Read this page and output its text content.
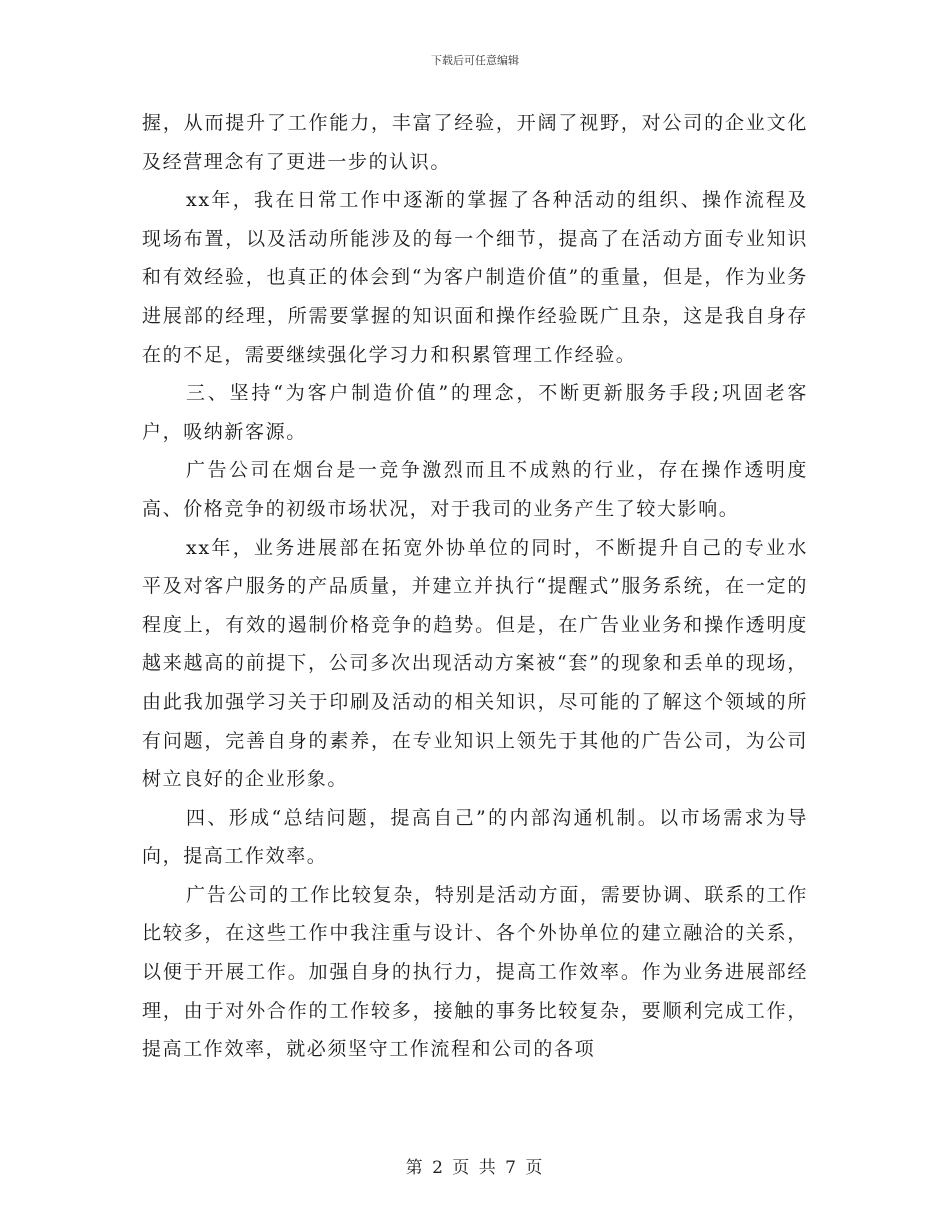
下载后可任意编辑

握，从而提升了工作能力，丰富了经验，开阔了视野，对公司的企业文化及经营理念有了更进一步的认识。

xx年，我在日常工作中逐渐的掌握了各种活动的组织、操作流程及现场布置，以及活动所能涉及的每一个细节，提高了在活动方面专业知识和有效经验，也真正的体会到“为客户制造价值”的重量，但是，作为业务进展部的经理，所需要掌握的知识面和操作经验既广且杂，这是我自身存在的不足，需要继续强化学习力和积累管理工作经验。

三、坚持“为客户制造价值”的理念，不断更新服务手段;巩固老客户，吸纳新客源。

广告公司在烟台是一竞争激烈而且不成熟的行业，存在操作透明度高、价格竞争的初级市场状况，对于我司的业务产生了较大影响。

xx年，业务进展部在拓宽外协单位的同时，不断提升自己的专业水平及对客户服务的产品质量，并建立并执行“提醒式”服务系统，在一定的程度上，有效的遏制价格竞争的趋势。但是，在广告业业务和操作透明度越来越高的前提下，公司多次出现活动方案被“套”的现象和丢单的现场，由此我加强学习关于印刷及活动的相关知识，尽可能的了解这个领域的所有问题，完善自身的素养，在专业知识上领先于其他的广告公司，为公司树立良好的企业形象。

四、形成“总结问题，提高自己”的内部沟通机制。以市场需求为导向，提高工作效率。

广告公司的工作比较复杂，特别是活动方面，需要协调、联系的工作比较多，在这些工作中我注重与设计、各个外协单位的建立融洽的关系，以便于开展工作。加强自身的执行力，提高工作效率。作为业务进展部经理，由于对外合作的工作较多，接触的事务比较复杂，要顺利完成工作，提高工作效率，就必须坚守工作流程和公司的各项

第 2 页 共 7 页
